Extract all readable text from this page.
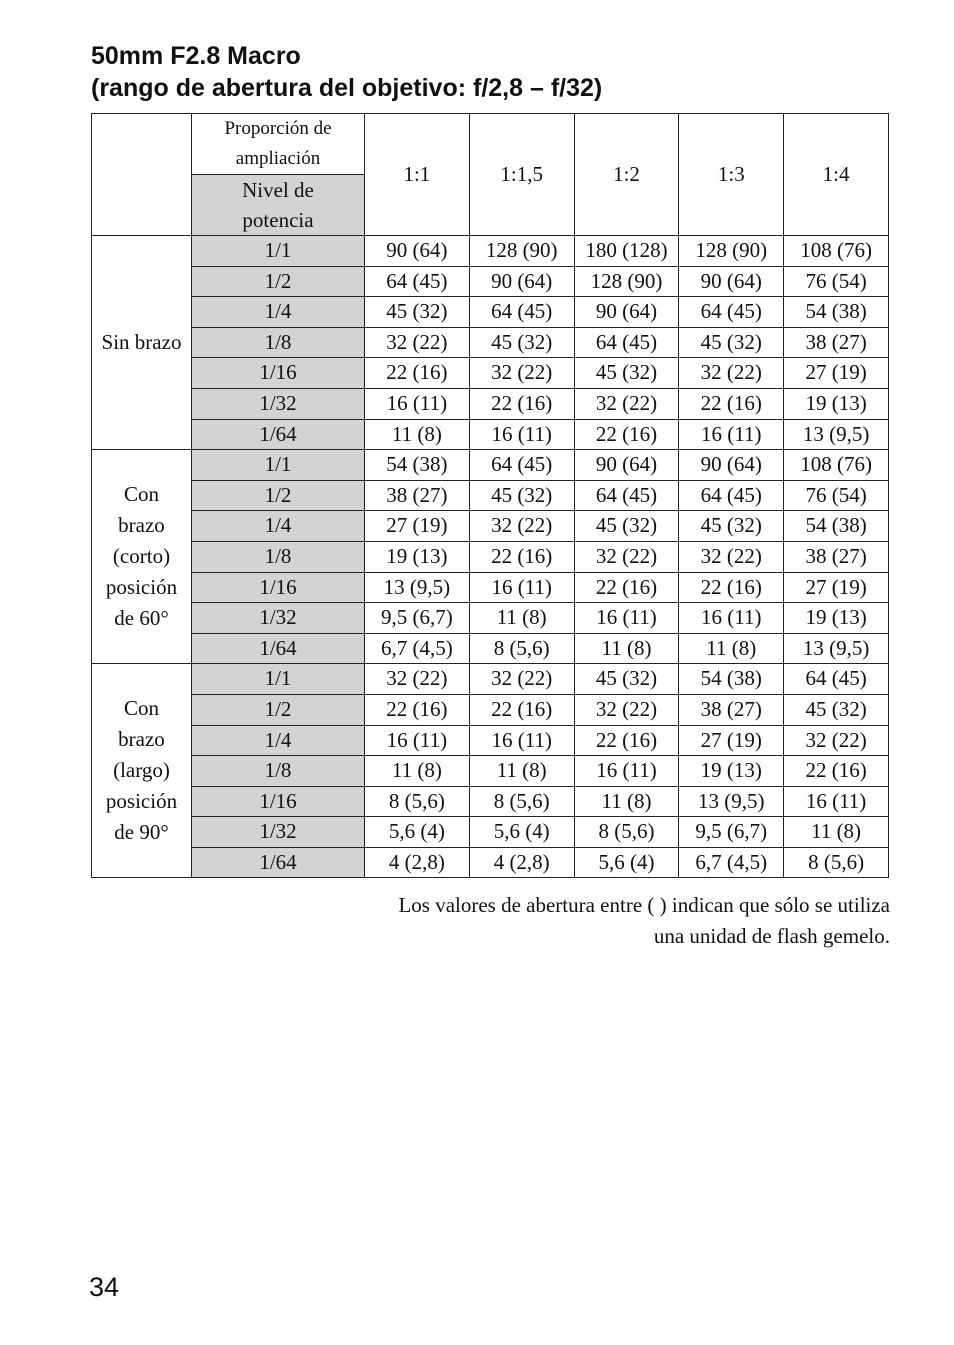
50mm F2.8 Macro
(rango de abertura del objetivo: f/2,8 – f/32)
	Proporción de
ampliación	1:1	1:1,5	1:2	1:3	1:4
	Nivel de
potencia					

Sin brazo	1/1	90 (64)	128 (90)	180 (128)	128 (90)	108 (76)
	1/2	64 (45)	90 (64)	128 (90)	90 (64)	76 (54)
	1/4	45 (32)	64 (45)	90 (64)	64 (45)	54 (38)
	1/8	32 (22)	45 (32)	64 (45)	45 (32)	38 (27)
	1/16	22 (16)	32 (22)	45 (32)	32 (22)	27 (19)
	1/32	16 (11)	22 (16)	32 (22)	22 (16)	19 (13)
	1/64	11 (8)	16 (11)	22 (16)	16 (11)	13 (9,5)

Con
brazo
(corto)
posición
de 60°	1/1	54 (38)	64 (45)	90 (64)	90 (64)	108 (76)
	1/2	38 (27)	45 (32)	64 (45)	64 (45)	76 (54)
	1/4	27 (19)	32 (22)	45 (32)	45 (32)	54 (38)
	1/8	19 (13)	22 (16)	32 (22)	32 (22)	38 (27)
	1/16	13 (9,5)	16 (11)	22 (16)	22 (16)	27 (19)
	1/32	9,5 (6,7)	11 (8)	16 (11)	16 (11)	19 (13)
	1/64	6,7 (4,5)	8 (5,6)	11 (8)	11 (8)	13 (9,5)

Con
brazo
(largo)
posición
de 90°	1/1	32 (22)	32 (22)	45 (32)	54 (38)	64 (45)
	1/2	22 (16)	22 (16)	32 (22)	38 (27)	45 (32)
	1/4	16 (11)	16 (11)	22 (16)	27 (19)	32 (22)
	1/8	11 (8)	11 (8)	16 (11)	19 (13)	22 (16)
	1/16	8 (5,6)	8 (5,6)	11 (8)	13 (9,5)	16 (11)
	1/32	5,6 (4)	5,6 (4)	8 (5,6)	9,5 (6,7)	11 (8)
	1/64	4 (2,8)	4 (2,8)	5,6 (4)	6,7 (4,5)	8 (5,6)
Los valores de abertura entre ( ) indican que sólo se utiliza
una unidad de flash gemelo.
34
